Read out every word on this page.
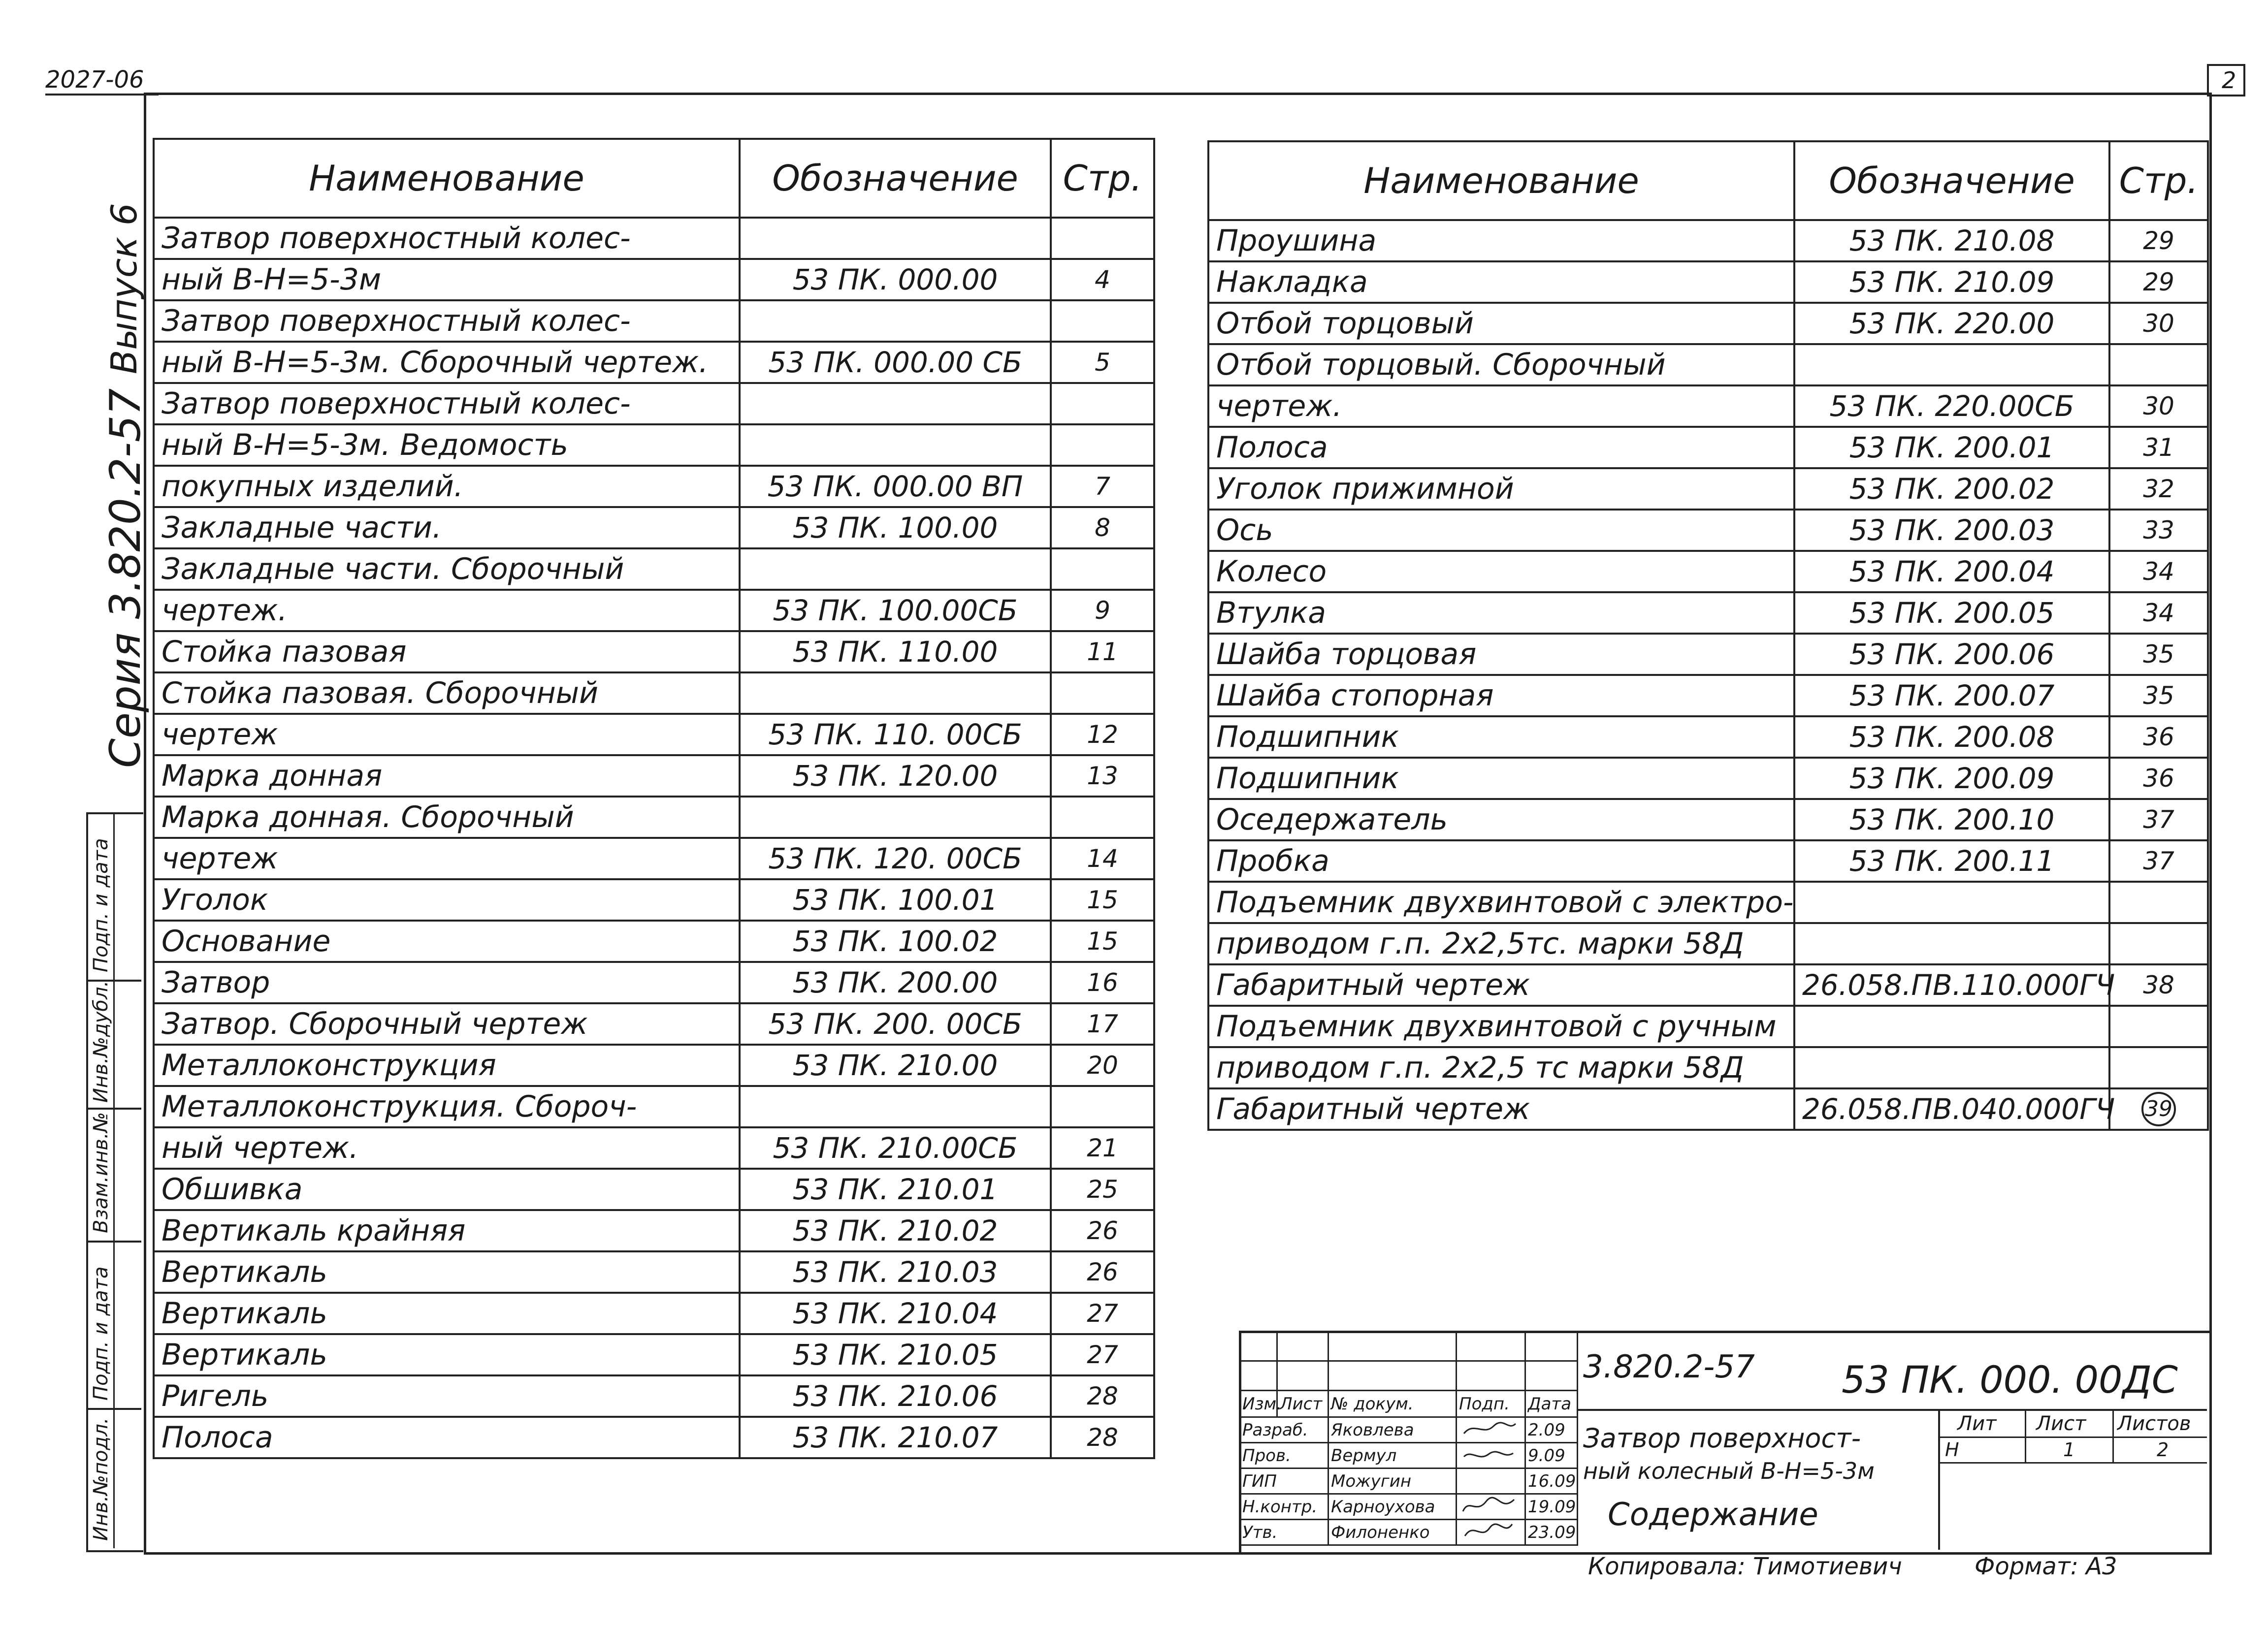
2027-06	2
Подп. и дата
Инв.№дубл.
Взам.инв.№
Подп. и дата
Инв.№подл.
Серия 3.820.2-57
Выпуск 6
Наименование	Обозначение	Стр.
Затвор поверхностный колес-		
ный В-Н=5-3м	53 ПК. 000.00	4
Затвор поверхностный колес-		
ный В-Н=5-3м. Сборочный чертеж.	53 ПК. 000.00 СБ	5
Затвор поверхностный колес-		
ный В-Н=5-3м. Ведомость		
покупных изделий.	53 ПК. 000.00 ВП	7
Закладные части.	53 ПК. 100.00	8
Закладные части. Сборочный		
чертеж.	53 ПК. 100.00СБ	9
Стойка пазовая	53 ПК. 110.00	11
Стойка пазовая. Сборочный		
чертеж	53 ПК. 110. 00СБ	12
Марка донная	53 ПК. 120.00	13
Марка донная. Сборочный		
чертеж	53 ПК. 120. 00СБ	14
Уголок	53 ПК. 100.01	15
Основание	53 ПК. 100.02	15
Затвор	53 ПК. 200.00	16
Затвор. Сборочный чертеж	53 ПК. 200. 00СБ	17
Металлоконструкция	53 ПК. 210.00	20
Металлоконструкция. Сбороч-		
ный чертеж.	53 ПК. 210.00СБ	21
Обшивка	53 ПК. 210.01	25
Вертикаль крайняя	53 ПК. 210.02	26
Вертикаль	53 ПК. 210.03	26
Вертикаль	53 ПК. 210.04	27
Вертикаль	53 ПК. 210.05	27
Ригель	53 ПК. 210.06	28
Полоса	53 ПК. 210.07	28
Наименование	Обозначение	Стр.
Проушина	53 ПК. 210.08	29
Накладка	53 ПК. 210.09	29
Отбой торцовый	53 ПК. 220.00	30
Отбой торцовый. Сборочный		
чертеж.	53 ПК. 220.00СБ	30
Полоса	53 ПК. 200.01	31
Уголок прижимной	53 ПК. 200.02	32
Ось	53 ПК. 200.03	33
Колесо	53 ПК. 200.04	34
Втулка	53 ПК. 200.05	34
Шайба торцовая	53 ПК. 200.06	35
Шайба стопорная	53 ПК. 200.07	35
Подшипник	53 ПК. 200.08	36
Подшипник	53 ПК. 200.09	36
Оседержатель	53 ПК. 200.10	37
Пробка	53 ПК. 200.11	37
Подъемник двухвинтовой с электро-		
приводом г.п. 2х2,5тс. марки 58Д		
Габаритный чертеж	26.058.ПВ.110.000ГЧ	38
Подъемник двухвинтовой с ручным		
приводом г.п. 2х2,5 тс марки 58Д		
Габаритный чертеж	26.058.ПВ.040.000ГЧ	39

Изм.	Лист	№ докум.	Подп.	Дата
Разраб.		Яковлева		2.09
Пров.		Вермул		9.09
ГИП		Можугин		16.09
Н.контр.		Карноухова		19.09
Утв.		Филоненко		23.09
3.820.2-57 53 ПК. 000. 00ДС
Затвор поверхност-
ный колесный В-Н=5-3м
Содержание
Лит Лист Листов
Н	1	2
Копировала: Тимотиевич	Формат: А3
